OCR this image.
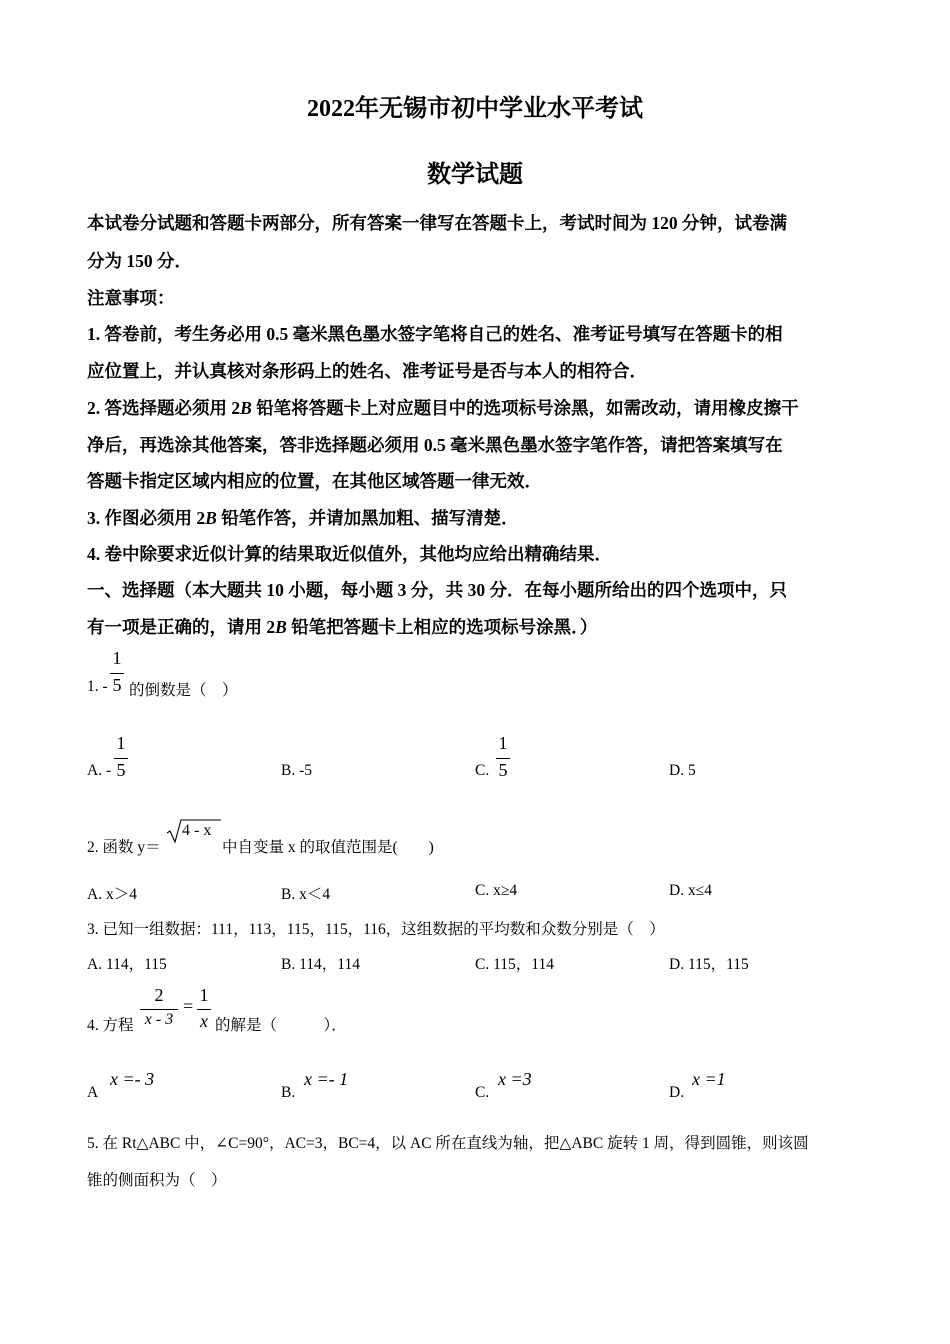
2022年无锡市初中学业水平考试
数学试题
本试卷分试题和答题卡两部分，所有答案一律写在答题卡上，考试时间为 120 分钟，试卷满
分为 150 分．
注意事项：
1. 答卷前，考生务必用 0.5 毫米黑色墨水签字笔将自己的姓名、准考证号填写在答题卡的相
应位置上，并认真核对条形码上的姓名、准考证号是否与本人的相符合．
2. 答选择题必须用 2B 铅笔将答题卡上对应题目中的选项标号涂黑，如需改动，请用橡皮擦干
净后，再选涂其他答案，答非选择题必须用 0.5 毫米黑色墨水签字笔作答，请把答案填写在
答题卡指定区域内相应的位置，在其他区域答题一律无效．
3. 作图必须用 2B 铅笔作答，并请加黑加粗、描写清楚．
4. 卷中除要求近似计算的结果取近似值外，其他均应给出精确结果．
一、选择题（本大题共 10 小题，每小题 3 分，共 30 分．在每小题所给出的四个选项中，只
有一项是正确的，请用 2B 铅笔把答题卡上相应的选项标号涂黑．）
1. -
1
5 的倒数是（　）
A. -
1
5	B. -5	C.
1
5	D. 5
2. 函数 y＝
4 - x
中自变量 x 的取值范围是(　　)
A. x＞4	B. x＜4	C. x≥4	D. x≤4
3. 已知一组数据：111，113，115，115，116，这组数据的平均数和众数分别是（　）
A. 114，115	B. 114，114	C. 115，114	D. 115，115
4. 方程
2
x - 3
=
1
x 的解是（　　　）．
A
x =- 3
B.
x =- 1
C.
x =3
D.
x =1
5. 在 Rt△ABC 中，∠C=90°，AC=3，BC=4，以 AC 所在直线为轴，把△ABC 旋转 1 周，得到圆锥，则该圆
锥的侧面积为（　）
